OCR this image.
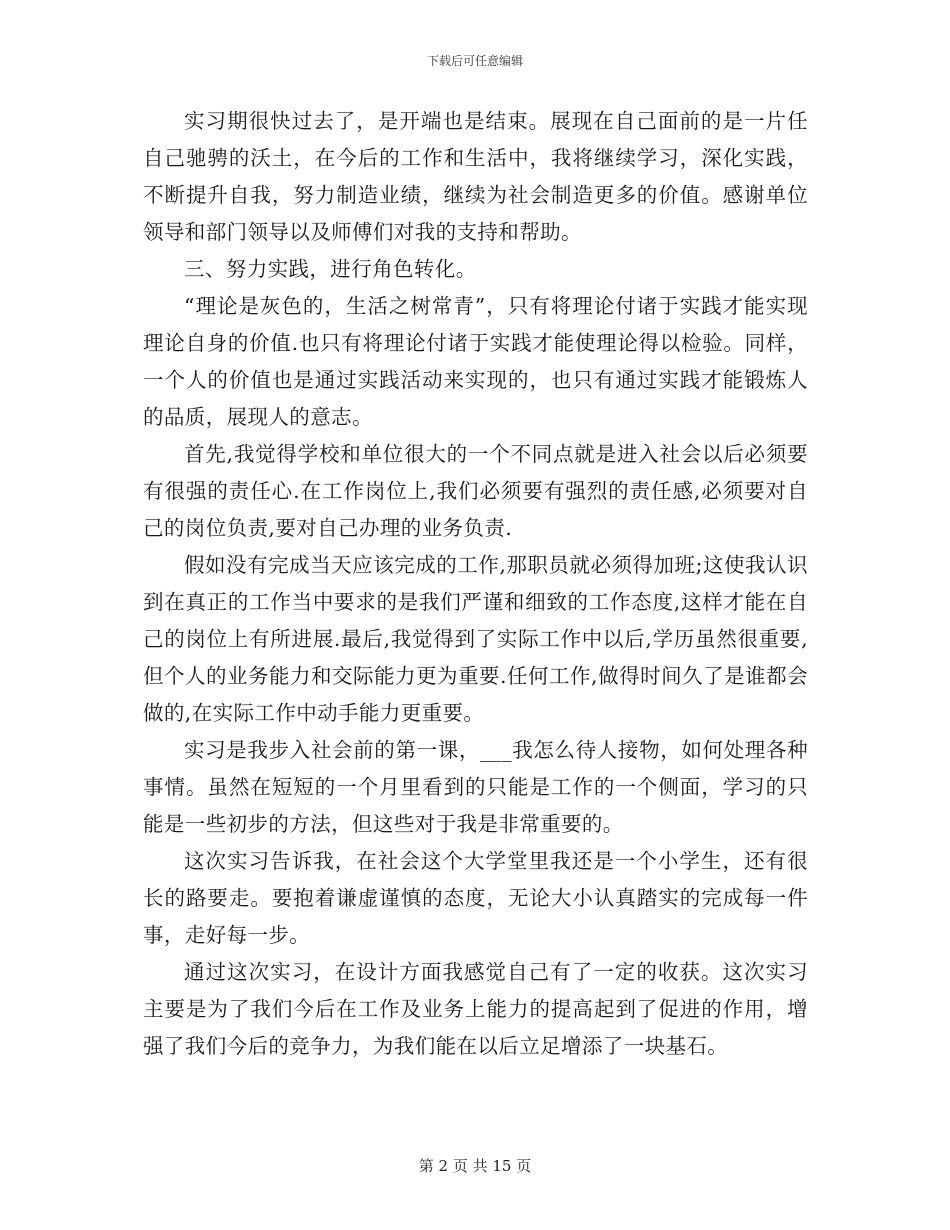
下载后可任意编辑

实习期很快过去了，是开端也是结束。展现在自己面前的是一片任自己驰骋的沃土，在今后的工作和生活中，我将继续学习，深化实践，不断提升自我，努力制造业绩，继续为社会制造更多的价值。感谢单位领导和部门领导以及师傅们对我的支持和帮助。

三、努力实践，进行角色转化。

“理论是灰色的，生活之树常青”，只有将理论付诸于实践才能实现理论自身的价值.也只有将理论付诸于实践才能使理论得以检验。同样，一个人的价值也是通过实践活动来实现的，也只有通过实践才能锻炼人的品质，展现人的意志。

首先,我觉得学校和单位很大的一个不同点就是进入社会以后必须要有很强的责任心.在工作岗位上,我们必须要有强烈的责任感,必须要对自己的岗位负责,要对自己办理的业务负责.

假如没有完成当天应该完成的工作,那职员就必须得加班;这使我认识到在真正的工作当中要求的是我们严谨和细致的工作态度,这样才能在自己的岗位上有所进展.最后,我觉得到了实际工作中以后,学历虽然很重要,但个人的业务能力和交际能力更为重要.任何工作,做得时间久了是谁都会做的,在实际工作中动手能力更重要。

实习是我步入社会前的第一课，___我怎么待人接物，如何处理各种事情。虽然在短短的一个月里看到的只能是工作的一个侧面，学习的只能是一些初步的方法，但这些对于我是非常重要的。

这次实习告诉我，在社会这个大学堂里我还是一个小学生，还有很长的路要走。要抱着谦虚谨慎的态度，无论大小认真踏实的完成每一件事，走好每一步。

通过这次实习，在设计方面我感觉自己有了一定的收获。这次实习主要是为了我们今后在工作及业务上能力的提高起到了促进的作用，增强了我们今后的竞争力，为我们能在以后立足增添了一块基石。

第 2 页 共 15 页
